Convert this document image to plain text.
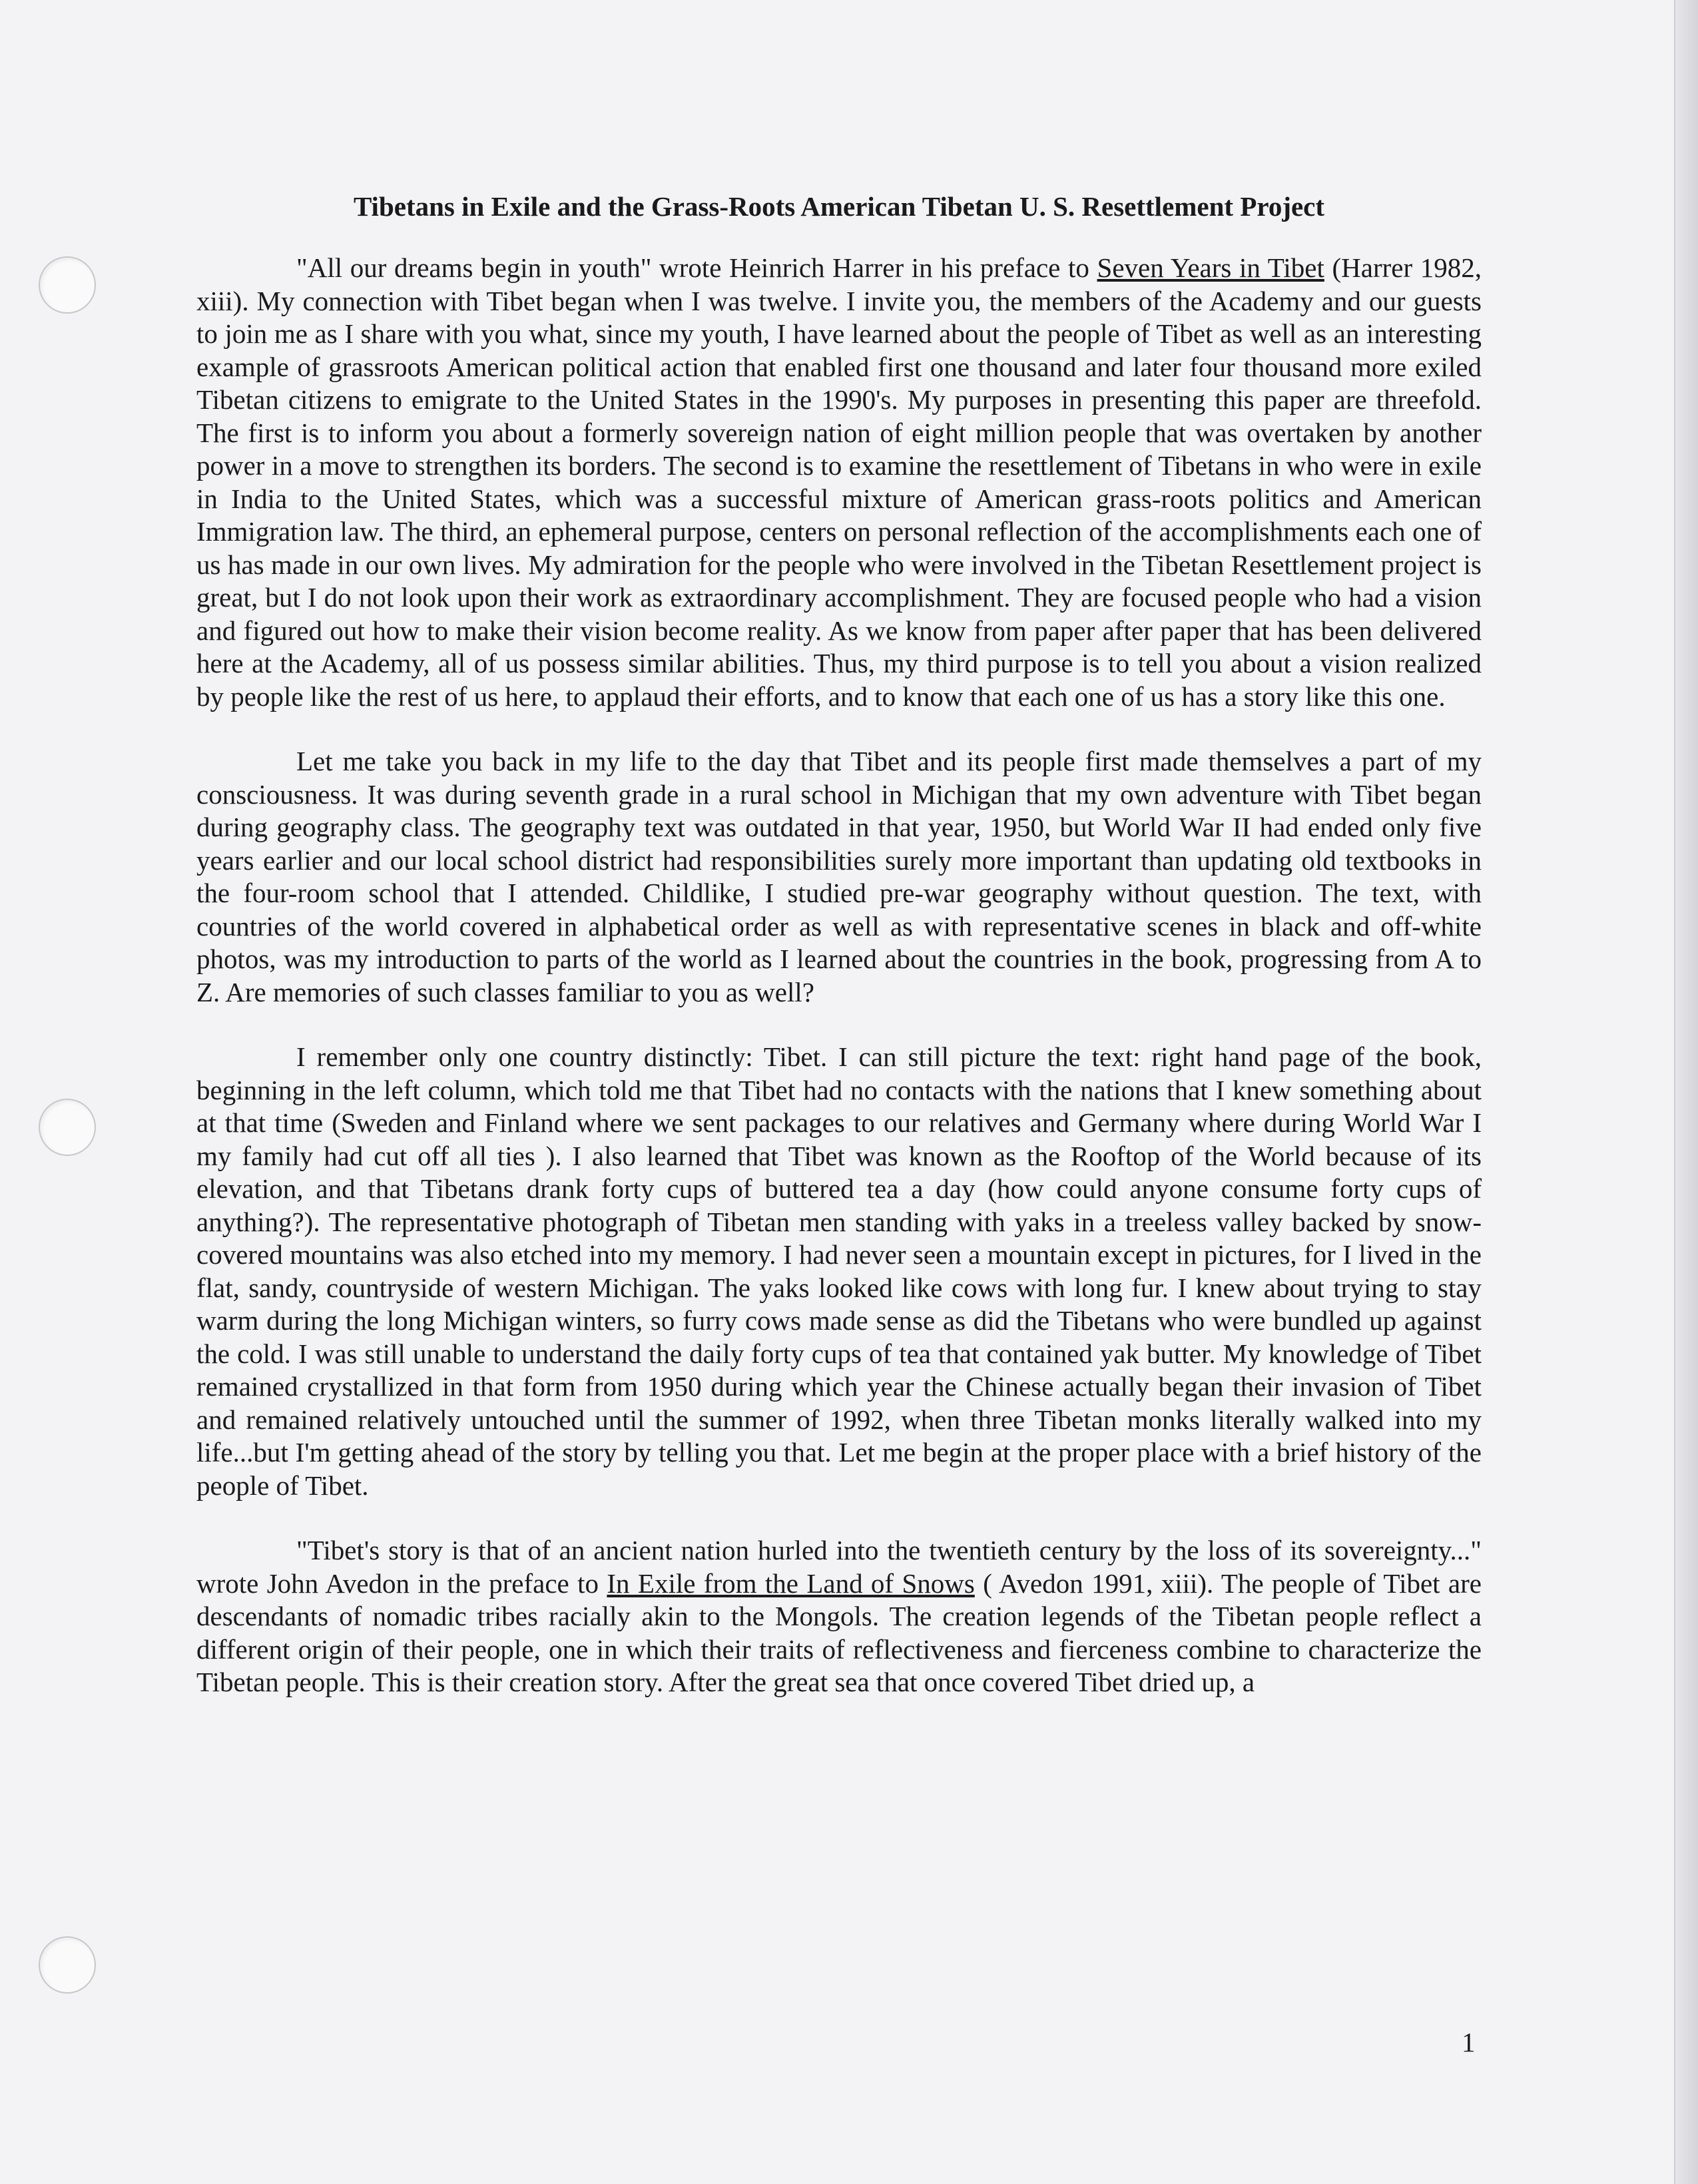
Tibetans in Exile and the Grass-Roots American Tibetan U. S. Resettlement Project

"All our dreams begin in youth" wrote Heinrich Harrer in his preface to Seven Years in Tibet (Harrer 1982, xiii). My connection with Tibet began when I was twelve. I invite you, the members of the Academy and our guests to join me as I share with you what, since my youth, I have learned about the people of Tibet as well as an interesting example of grassroots American political action that enabled first one thousand and later four thousand more exiled Tibetan citizens to emigrate to the United States in the 1990's. My purposes in presenting this paper are threefold. The first is to inform you about a formerly sovereign nation of eight million people that was overtaken by another power in a move to strengthen its borders. The second is to examine the resettlement of Tibetans in who were in exile in India to the United States, which was a successful mixture of American grass-roots politics and American Immigration law. The third, an ephemeral purpose, centers on personal reflection of the accomplishments each one of us has made in our own lives. My admiration for the people who were involved in the Tibetan Resettlement project is great, but I do not look upon their work as extraordinary accomplishment. They are focused people who had a vision and figured out how to make their vision become reality. As we know from paper after paper that has been delivered here at the Academy, all of us possess similar abilities. Thus, my third purpose is to tell you about a vision realized by people like the rest of us here, to applaud their efforts, and to know that each one of us has a story like this one.

Let me take you back in my life to the day that Tibet and its people first made themselves a part of my consciousness. It was during seventh grade in a rural school in Michigan that my own adventure with Tibet began during geography class. The geography text was outdated in that year, 1950, but World War II had ended only five years earlier and our local school district had responsibilities surely more important than updating old textbooks in the four-room school that I attended. Childlike, I studied pre-war geography without question. The text, with countries of the world covered in alphabetical order as well as with representative scenes in black and off-white photos, was my introduction to parts of the world as I learned about the countries in the book, progressing from A to Z. Are memories of such classes familiar to you as well?

I remember only one country distinctly: Tibet. I can still picture the text: right hand page of the book, beginning in the left column, which told me that Tibet had no contacts with the nations that I knew something about at that time (Sweden and Finland where we sent packages to our relatives and Germany where during World War I my family had cut off all ties ). I also learned that Tibet was known as the Rooftop of the World because of its elevation, and that Tibetans drank forty cups of buttered tea a day (how could anyone consume forty cups of anything?). The representative photograph of Tibetan men standing with yaks in a treeless valley backed by snow-covered mountains was also etched into my memory. I had never seen a mountain except in pictures, for I lived in the flat, sandy, countryside of western Michigan. The yaks looked like cows with long fur. I knew about trying to stay warm during the long Michigan winters, so furry cows made sense as did the Tibetans who were bundled up against the cold. I was still unable to understand the daily forty cups of tea that contained yak butter. My knowledge of Tibet remained crystallized in that form from 1950 during which year the Chinese actually began their invasion of Tibet and remained relatively untouched until the summer of 1992, when three Tibetan monks literally walked into my life...but I'm getting ahead of the story by telling you that. Let me begin at the proper place with a brief history of the people of Tibet.

"Tibet's story is that of an ancient nation hurled into the twentieth century by the loss of its sovereignty..." wrote John Avedon in the preface to In Exile from the Land of Snows ( Avedon 1991, xiii). The people of Tibet are descendants of nomadic tribes racially akin to the Mongols. The creation legends of the Tibetan people reflect a different origin of their people, one in which their traits of reflectiveness and fierceness combine to characterize the Tibetan people. This is their creation story. After the great sea that once covered Tibet dried up, a

1
